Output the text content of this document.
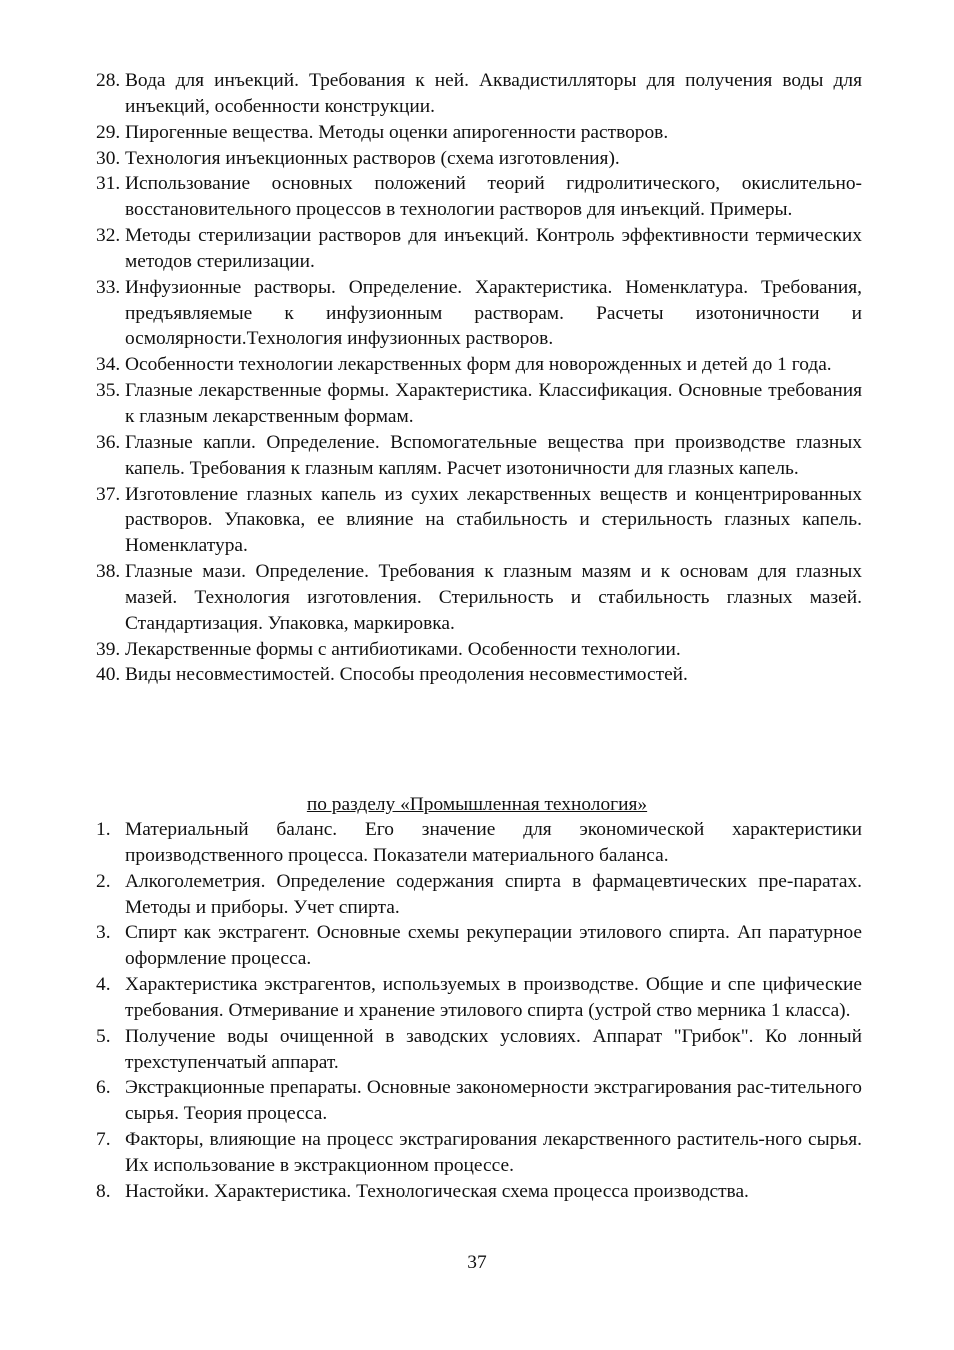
28. Вода для инъекций. Требования к ней. Аквадистилляторы для получения воды для инъекций, особенности конструкции.
29. Пирогенные вещества. Методы оценки апирогенности растворов.
30. Технология инъекционных растворов (схема изготовления).
31. Использование основных положений теорий гидролитического, окислительно-восстановительного процессов в технологии растворов для инъекций. Примеры.
32. Методы стерилизации растворов для инъекций. Контроль эффективности термических методов стерилизации.
33. Инфузионные растворы. Определение. Характеристика. Номенклатура. Требования, предъявляемые к инфузионным растворам. Расчеты изотоничности и осмолярности.Технология инфузионных растворов.
34. Особенности технологии лекарственных форм для новорожденных и детей до 1 года.
35. Глазные лекарственные формы. Характеристика. Классификация. Основные требования к глазным лекарственным формам.
36. Глазные капли. Определение. Вспомогательные вещества при производстве глазных капель. Требования к глазным каплям. Расчет изотоничности для глазных капель.
37. Изготовление глазных капель из сухих лекарственных веществ и концентрированных растворов. Упаковка, ее влияние на стабильность и стерильность глазных капель. Номенклатура.
38. Глазные мази. Определение. Требования к глазным мазям и к основам для глазных мазей. Технология изготовления. Стерильность и стабильность глазных мазей. Стандартизация. Упаковка, маркировка.
39. Лекарственные формы с антибиотиками. Особенности технологии.
40. Виды несовместимостей. Способы преодоления несовместимостей.
по разделу «Промышленная технология»
1. Материальный баланс. Его значение для экономической характеристики производственного процесса. Показатели материального баланса.
2. Алкоголеметрия. Определение содержания спирта в фармацевтических пре-паратах. Методы и приборы. Учет спирта.
3. Спирт как экстрагент. Основные схемы рекуперации этилового спирта. Ап паратурное оформление процесса.
4. Характеристика экстрагентов, используемых в производстве. Общие и спе цифические требования. Отмеривание и хранение этилового спирта (устрой ство мерника 1 класса).
5. Получение воды очищенной в заводских условиях. Аппарат "Грибок". Ко лонный трехступенчатый аппарат.
6. Экстракционные препараты. Основные закономерности экстрагирования рас-тительного сырья. Теория процесса.
7. Факторы, влияющие на процесс экстрагирования лекарственного раститель-ного сырья. Их использование в экстракционном процессе.
8. Настойки. Характеристика. Технологическая схема процесса производства.
37
